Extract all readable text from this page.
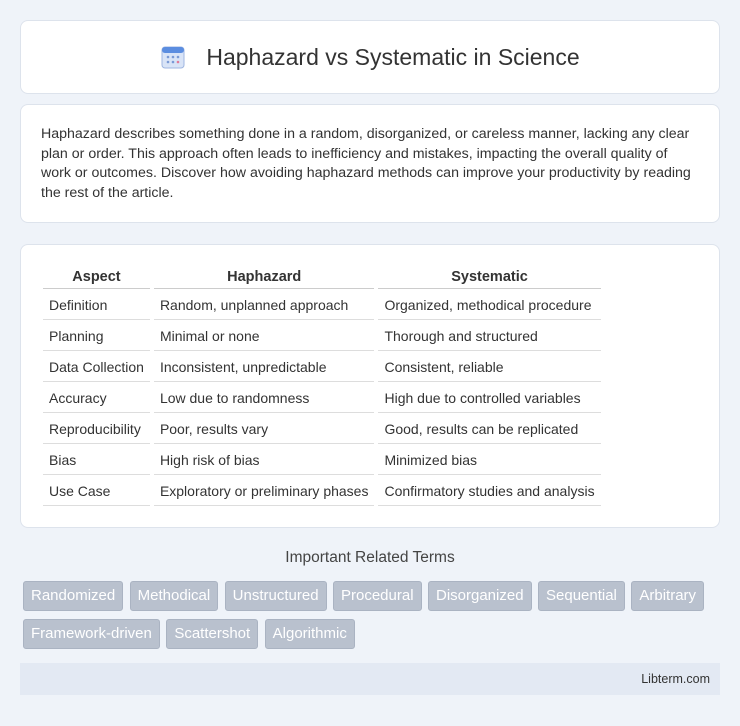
Haphazard vs Systematic in Science

Haphazard describes something done in a random, disorganized, or careless manner, lacking any clear plan or order. This approach often leads to inefficiency and mistakes, impacting the overall quality of work or outcomes. Discover how avoiding haphazard methods can improve your productivity by reading the rest of the article.

Aspect	Haphazard	Systematic
Definition	Random, unplanned approach	Organized, methodical procedure
Planning	Minimal or none	Thorough and structured
Data Collection	Inconsistent, unpredictable	Consistent, reliable
Accuracy	Low due to randomness	High due to controlled variables
Reproducibility	Poor, results vary	Good, results can be replicated
Bias	High risk of bias	Minimized bias
Use Case	Exploratory or preliminary phases	Confirmatory studies and analysis
Important Related Terms
Randomized Methodical Unstructured Procedural Disorganized Sequential Arbitrary Framework-driven Scattershot Algorithmic
Libterm.com
